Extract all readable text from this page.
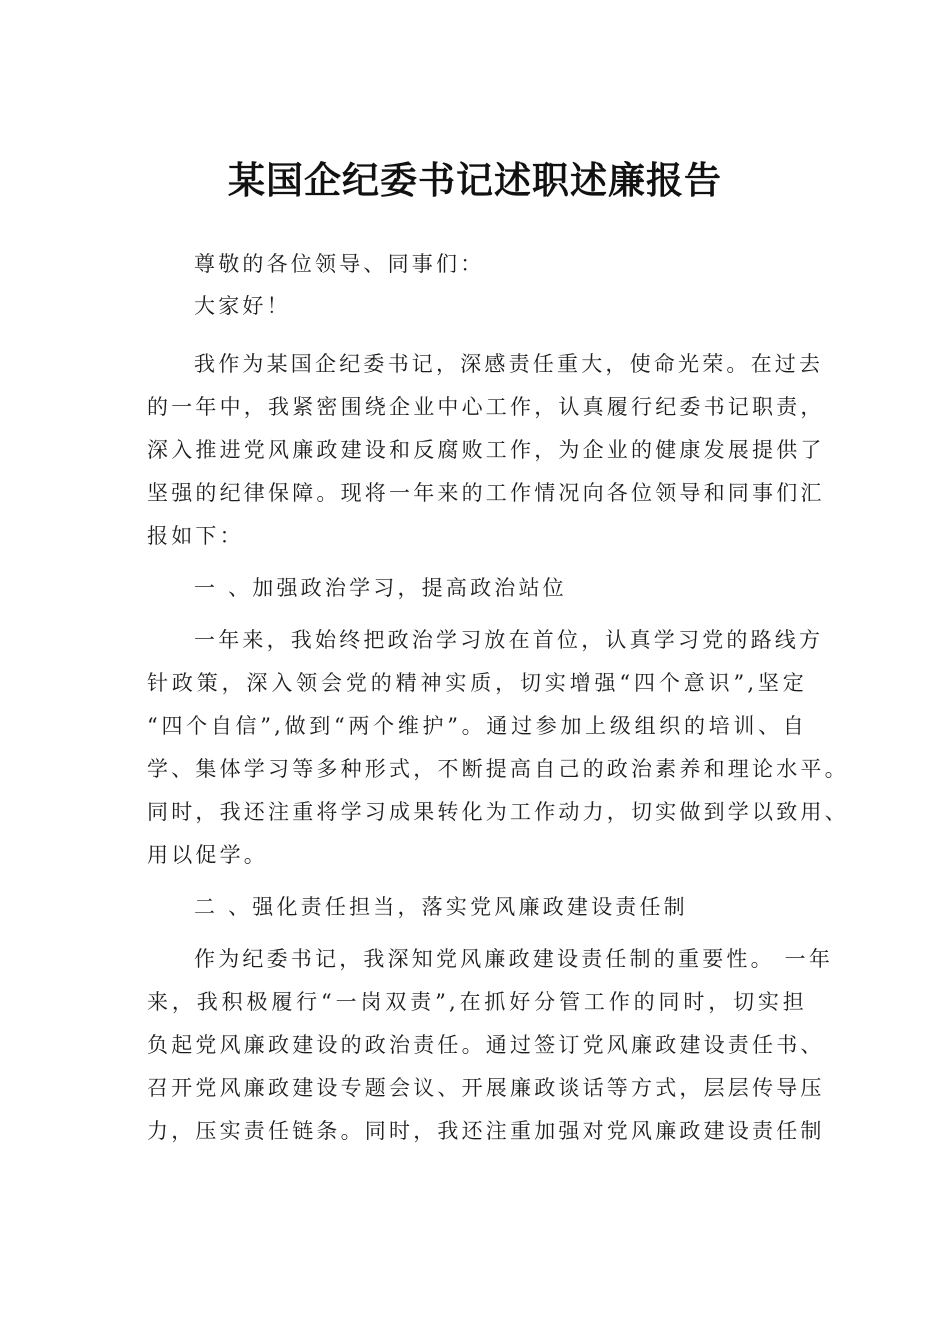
某国企纪委书记述职述廉报告
尊敬的各位领导、同事们：
大家好！
我作为某国企纪委书记，深感责任重大，使命光荣。在过去
的一年中，我紧密围绕企业中心工作，认真履行纪委书记职责，
深入推进党风廉政建设和反腐败工作，为企业的健康发展提供了
坚强的纪律保障。现将一年来的工作情况向各位领导和同事们汇
报如下：
一 、加强政治学习，提高政治站位
一年来，我始终把政治学习放在首位，认真学习党的路线方
针政策，深入领会党的精神实质，切实增强“四个意识”,坚定
“四个自信”,做到“两个维护”。通过参加上级组织的培训、自
学、集体学习等多种形式，不断提高自己的政治素养和理论水平。
同时，我还注重将学习成果转化为工作动力，切实做到学以致用、
用以促学。
二 、强化责任担当，落实党风廉政建设责任制
作为纪委书记，我深知党风廉政建设责任制的重要性。 一年
来，我积极履行“一岗双责”,在抓好分管工作的同时，切实担
负起党风廉政建设的政治责任。通过签订党风廉政建设责任书、
召开党风廉政建设专题会议、开展廉政谈话等方式，层层传导压
力，压实责任链条。同时，我还注重加强对党风廉政建设责任制
